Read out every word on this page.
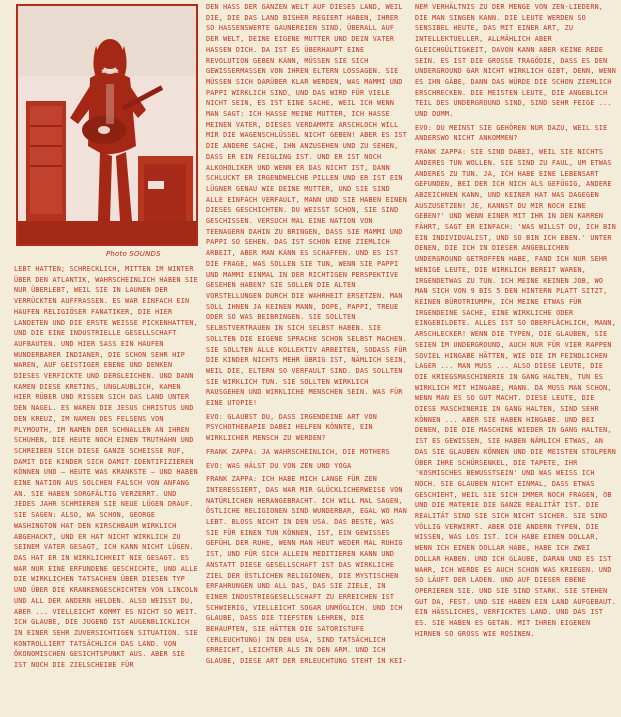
Photo SOUNDS

LEBT HATTEN; SCHRECKLICH, MITTEN IM WINTER ÜBER DEN ATLANTIK, WAHRSCHEINLICH HABEN SIE NUR ÜBERLEBT, WEIL SIE IN LAUNEN DER VERRÜCKTEN AUFFRASSEN. ES WAR EINFACH EIN HAUFEN RELIGIÖSER FANATIKER, DIE HIER LANDETEN UND DIE ERSTE WEISSE PICKENHATTEN, UND DIE EINE INDUSTRIELLE GESELLSCHAFT AUFBAUTEN. UND HIER SASS EIN HAUFEN WUNDERBARER INDIANER, DIE SCHON SEHR HIP WAREN, AUF GEISTIGER EBENE UND DENKEN DIESES VERFICKTE UND DERGLEICHEN. UND DANN KAMEN DIESE KRETINS, UNGLAUBLICH, KAMEN HIER RÜBER UND RISSEN SICH DAS LAND UNTER DEN NAGEL. ES WAREN DIE JESUS CHRISTUS UND DEN KREUZ, IM NAMEN DES FELSENS VON PLYMOUTH, IM NAMEN DER SCHNALLEN AN IHREN SCHUHEN, DIE HEUTE NOCH EINEN TRUTHAHN UND SCHREIBEN SICH DIESE GANZE SCHEISSE RUF, DAMIT DIE KINDER SICH DAMIT IDENTIFIZIEREN KÖNNEN UND — HEUTE WAS KRANKSTE — UND HABEN EINE NATION AUS SOLCHEN FALSCH VON ANFANG AN. SIE HABEN SORGFÄLTIG VERZERRT. UND JEDES JAHR SCHMIEREN SIE NEUE LÜGEN DRAUF. SIE SAGEN: ALSO, WA SCHON, GEORGE WASHINGTON HAT DEN KIRSCHBAUM WIRKLICH ABGEHACKT, UND ER HAT NICHT WIRKLICH ZU SEINEM VATER GESAGT, ICH KANN NICHT LÜGEN. DAS HAT ER IN WIRKLICHKEIT NIE GESAGT. ES WAR NUR EINE ERFUNDENE GESCHICHTE, UND ALLE DIE WIRKLICHEN TATSACHEN ÜBER DIESEN TYP UND ÜBER DIE KRANKENGESCHICHTEN VON LINCOLN UND ALL DER ANDERN HELDEN. ALSO WEISST DU, ABER ... VIELLEICHT KOMMT ES NICHT SO WEIT. ICH GLAUBE, DIE JUGEND IST AUGENBLICKLICH IN EINER SEHR ZUVERSICHTIGEN SITUATION. SIE KONTROLLIERT TATSÄCHLICH DAS LAND. VON ÖKONOMISCHEN GESICHTSPUNKT AUS. ABER SIE IST NOCH DIE ZIELSCHEIBE FÜR

DEN HASS DER GANZEN WELT AUF DIESES LAND, WEIL DIE, DIE DAS LAND BISHER REGIERT HABEN, IHRER SO HASSENSWERTE GAUNEREIEN SIND. ÜBERALL AUF DER WELT, DEINE EIGENE MUTTER UND DEIN VATER HASSEN DICH. DA IST ES ÜBERHAUPT EINE REVOLUTION GEBEN KANN, MÜSSEN SIE SICH GEWISSERMASSEN VON IHREN ELTERN LOSSAGEN. SIE MÜSSEN SICH DARÜBER KLAR WERDEN, WAS MAMMI UND PAPPI WIRKLICH SIND, UND DAS WIRD FÜR VIELE NICHT SEIN, ES IST EINE SACHE, WEIL ICH WENN MAN SAGT: ICH HASSE MEINE MUTTER, ICH HASSE MEINEN VATER, DIESES VERDAMMTE ARSCHLOCH WILL MIR DIE WAGENSCHLÜSSEL NICHT GEBEN! ABER ES IST DIE ANDERE SACHE, IHN ANZUSEHEN UND ZU SEHEN, DASS ER EIN FEIGLING IST. UND ER IST NOCH ALKOHOLIKER UND WENN ER DAS NICHT IST, DANN SCHLUCKT ER IRGENDWELCHE PILLEN UND ER IST EIN LÜGNER GENAU WIE DEINE MUTTER, UND SIE SIND ALLE EINFACH VERFAULT, MANN UND SIE HABEN EINEN DIESES GESCHICHTEN. DU WEISST SCHON, SIE SIND GESCHISSEN. VERSUCH MAL EINE NATION VON TEENAGERN DAHIN ZU BRINGEN, DASS SIE MAMMI UND PAPPI SO SEHEN. DAS IST SCHON EINE ZIEMLICH ARBEIT, ABER MAN KANN ES SCHAFFEN. UND ES IST DIE FRAGE, WAS SOLLEN SIE TUN, WENN SIE PAPPI UND MAMMI EINMAL IN DER RICHTIGEN PERSPEKTIVE GESEHEN HABEN? SIE SOLLEN DIE ALTEN VORSTELLUNGEN DURCH DIE WAHRHEIT ERSETZEN. MAN SOLL IHNEN JA KEINEN MANN, DOPE, PAPPI, TREUE ODER SO WAS BEIBRINGEN. SIE SOLLTEN SELBSTVERTRAUEN IN SICH SELBST HABEN. SIE SOLLTEN DIE EIGENE SPRACHE SCHON SELBST MACHEN. SIE SOLLTEN ALLE KOLLEKTIV ARBEITEN, SODASS FÜR DIE KINDER NICHTS MEHR ÜBRIG IST, NÄMLICH SEIN, WEIL DIE, ELTERN SO VERFAULT SIND. DAS SOLLTEN SIE WIRKLICH TUN. SIE SOLLTEN WIRKLICH RAUSGEHEN UND WIRKLICHE MENSCHEN SEIN. WAS FÜR EINE UTOPIE!

EVO: GLAUBST DU, DASS IRGENDEINE ART VON PSYCHOTHERAPIE DABEI HELFEN KÖNNTE, EIN WIRKLICHER MENSCH ZU WERDEN?

FRANK ZAPPA: JA WAHRSCHEINLICH, DIE MOTHERS

EVO: WAS HÄLST DU VON ZEN UND YOGA

FRANK ZAPPA: ICH HABE MICH LANGE FÜR ZEN INTERESSIERT, DAS WAR MIR GLÜCKLICHERWEISE VON NATÜRLICHEN HERANGEBRACHT. ICH WILL MAL SAGEN, ÖSTLICHE RELIGIONEN SIND WUNDERBAR, EGAL WO MAN LEBT. BLOSS NICHT IN DEN USA. DAS BESTE, WAS SIE FÜR EINEN TUN KÖNNEN, IST, EIN GEWISSES GEFÜHL DER RUHE, WENN MAN HEUT WEDER MAL RUHIG IST, UND FÜR SICH ALLEIN MEDITIEREN KANN UND ANSTATT DIESE GESELLSCHAFT IST DAS WIRKLICHE ZIEL DER ÖSTLICHEN RELIGIONEN, DIE MYSTISCHEN ERFAHRUNGEN UND ALL DAS, DAS SIE ZIELE, IN EINER INDUSTRIEGESELLSCHAFT ZU ERREICHEN IST SCHWIERIG, VIELLEICHT SOGAR UNMÖGLICH. UND ICH GLAUBE, DASS DIE TIEFSTEN LEHREN, DIE BEHAUPTEN, SIE HÄTTEN DIE SATORISTUFE (ERLEUCHTUNG) IN DEN USA, SIND TATSÄCHLICH ERREICHT, LEICHTER ALS IN DEN ARM. UND ICH GLAUBE, DIESE ART DER ERLEUCHTUNG STEHT IN KEI-

NEM VERHÄLTNIS ZU DER MENGE VON ZEN-LIEDERN, DIE MAN SINGEN KANN. DIE LEUTE WERDEN SO SENSIBEL HEUTE, DAS MIT EINER ART, ZU INTELLEKTUELLER, ALLMÄHLICH ABER GLEICHGÜLTIGKEIT, DAVON KANN ABER KEINE REDE SEIN. ES IST DIE GROSSE TRAGÖDIE, DASS ES DEN UNDERGROUND GAR NICHT WIRKLICH GIBT, DENN, WENN ES IHN GÄBE, DANN DAS WÜRDE DIE SCHON ZIEMLICH ERSCHRECKEN. DIE MEISTEN LEUTE, DIE ANGEBLICH TEIL DES UNDERGROUND SIND, SIND SEHR FEIGE ... UND DUMM.

EVO: DU MEINST SIE GEHÖREN NUR DAZU, WEIL SIE ANDERSWO NICHT ANKOMMEN?

FRANK ZAPPA: SIE SIND DABEI, WEIL SIE NICHTS ANDERES TUN WOLLEN. SIE SIND ZU FAUL, UM ETWAS ANDERES ZU TUN. JA, ICH HABE EINE LEBENSART GEFUNDEN, BEI DER ICH NICH ALS GEFÜGIG, ANDERE ABZEICHNEN KANN, UND KEINER HAT WAS DAGEGEN AUSZUSETZEN! JE, KANNST DU MIR NOCH EINE GEBEN?' UND WENN EINER MIT IHR IN DEN KARREN FÄHRT, SAGT ER EINFACH: 'WAS WILLST DU, ICH BIN EIN INDIVIDUALIST, UND SO BIN ICH EBEN.' UNTER DENEN, DIE ICH IN DIESER ANGEBLICHEN UNDERGROUND GETROFFEN HABE, FAND ICH NUR SEHR WENIGE LEUTE, DIE WIRKLICH BEREIT WAREN, IRGENDETWAS ZU TUN. ICH MEINE KEINEN JOB, WO MAN SICH VON 9 BIS 5 DEN HINTERN PLATT SITZT, KEINEN BÜROTRIUMPH, ICH MEINE ETWAS FÜR IRGENDEINE SACHE, EINE WIRKLICHE ODER EINGEBILDETE. ALLES IST SO OBERFLÄCHLICH, MANN, ARSCHLECKER! WENN DIE TYPEN, DIE GLAUBEN, SIE SEIEN IM UNDERGROUND, AUCH NUR FÜR VIER RAPPEN SOVIEL HINGABE HÄTTEN, WIE DIE IM FEINDLICHEN LAGER ... MAN MUSS ... ALSO DIESE LEUTE, DIE DIE KRIEGSMASCHINERIE IN GANG HALTEN, TUN ES WIRKLICH MIT HINGABE, MANN. DA MUSS MAN SCHON, WENN MAN ES SO GUT MACHT. DIESE LEUTE, DIE DIESE MASCHINERIE IN GANG HALTEN, SIND SEHR KÖNNEN ... ABER SIE HABEN HINGABE. UND BEI DENEN, DIE DIE MASCHINE WIEDER IN GANG HALTEN, IST ES GEWISSEN, SIE HABEN NÄMLICH ETWAS, AN DAS SIE GLAUBEN KÖNNEN UND DIE MEISTEN STOLPERN ÜBER IHRE SCHÜRSENKEL, DIE TAPETE, IHR 'KOSMISCHES BEWUSSTSEIN' UND WAS WEISS ICH NOCH. SIE GLAUBEN NICHT EINMAL, DASS ETWAS GESCHIEHT, WEIL SIE SICH IMMER NOCH FRAGEN, OB UND DIE MATERIE DIE GANZE REALITÄT IST. DIE REALITÄT SIND SIE SICH NICHT SICHER. SIE SIND VÖLLIG VERWIRRT. ABER DIE ANDERN TYPEN, DIE WISSEN, WAS LOS IST. ICH HABE EINEN DOLLAR, WENN ICH EINEN DOLLAR HABE, HABE ICH ZWEI DOLLAR HABEN. UND ICH GLAUBE, DARAN UND ES IST WAHR, ICH WERDE ES AUCH SCHON WAS KRIEGEN. UND SO LÄUFT DER LADEN. UND AUF DIESER EBENE OPERIEREN SIE. UND SIE SIND STARK. SIE STEHEN GUT DA, FEST. UND SIE HABEN EIN LAND AUFGEBAUT. EIN HÄSSLICHES, VERFICKTES LAND. UND DAS IST ES. SIE HABEN ES GETAN. MIT IHREN EIGENEN HIRNEN SO GROSS WIE ROSINEN.
